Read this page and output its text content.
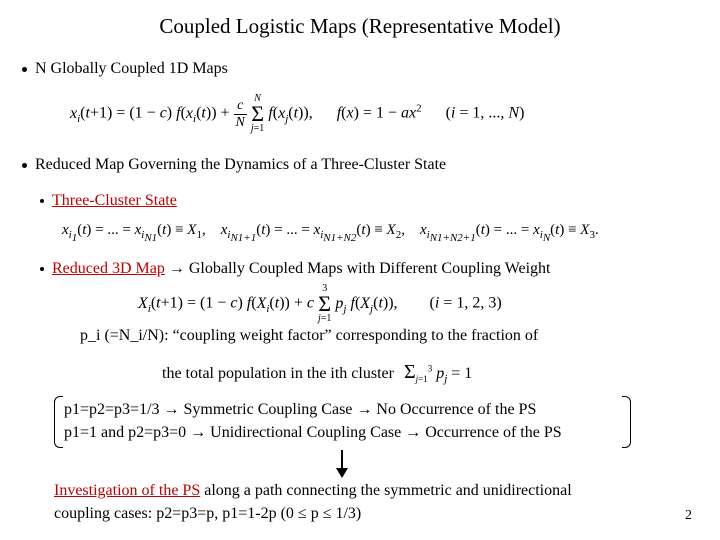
Coupled Logistic Maps (Representative Model)
N Globally Coupled 1D Maps
$x_i(t+1) = (1 - c) f(x_i(t)) + \frac{c}{N}$ N
Σ
j=1 $f(x_j(t))$,      $f(x) = 1 - ax^2$      (i = 1, ..., N)
Reduced Map Governing the Dynamics of a Three-Cluster State
Three-Cluster State
$x_{i_1}(t)$ = ... = $x_{i_{N1}}(t) \equiv X_1$,    $x_{i_{N1+1}}(t)$ = ... = $x_{i_{N1+N2}}(t) \equiv X_2$,    $x_{i_{N1+N2+1}}(t)$ = ... = $x_{i_N}(t) \equiv X_3$.
Reduced 3D Map → Globally Coupled Maps with Different Coupling Weight
$X_i(t+1) = (1 - c) f(X_i(t)) + c$ 3
Σ
j=1 $p_j$ $f(X_j(t))$,        (i = 1, 2, 3)
p_i (=N_i/N): “coupling weight factor” corresponding to the fraction of
the total population in the ith cluster $\Sigma_{j=1}^3$ $p_j = 1$
p1=p2=p3=1/3 → Symmetric Coupling Case → No Occurrence of the PS
p1=1 and p2=p3=0 → Unidirectional Coupling Case → Occurrence of the PS
Investigation of the PS along a path connecting the symmetric and unidirectional
coupling cases: p2=p3=p, p1=1-2p (0 ≤ p ≤ 1/3)	2
